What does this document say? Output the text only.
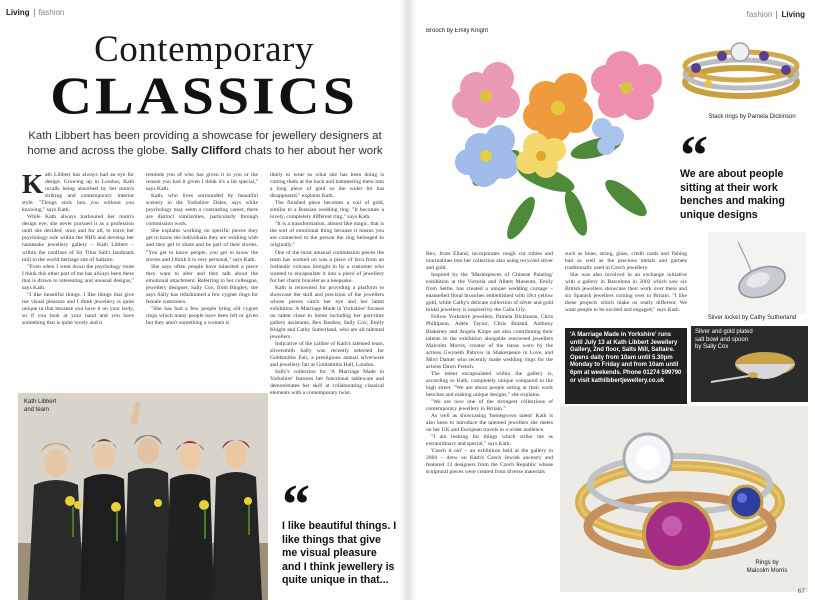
Living fashion
Contemporary
CLASSICS
Kath Libbert has been providing a showcase for jewellery designers at home and across the globe. Sally Clifford chats to her about her work
K ath Libbert has always had an eye for design. Growing up in London, Kath recalls being absorbed by her mum's striking and contemporary interior style. "Things stick into you without you knowing," says Kath.

While Kath always harboured her mum's design eye, she never pursued it as a profession until she decided, once and for all, to leave her psychology role within the NHS and develop her namesake jewellery gallery – Kath Libbert – within the confines of Sir Titus Salt's landmark mill in the world heritage site of Saltaire.

"Even when I went down the psychology route I think this other part of me has always been there that is drawn to interesting and unusual designs," says Kath.

"I like beautiful things. I like things that give me visual pleasure and I think jewellery is quite unique in that because you have it on your body, so if you look at your hand and you have something that is quite lovely and it

reminds you of who has given it to you or the reason you had it given I think it's a bit special," says Kath.

Kath, who lives surrounded by beautiful scenery in the Yorkshire Dales, says while psychology may seem a contrasting career, there are distinct similarities, particularly through commission work.

She explains working on specific pieces they get to know the individuals they are working with and they get to share and be part of their stories. "You get to know people, you get to know the stories and I think it is very personal," says Kath.

She says often people have inherited a piece they want to alter and they talk about the emotional attachment. Referring to her colleague, jewellery designer, Sally Cox, from Bingley, she says Sally has refashioned a few cygnet rings for female customers.

"She has had a few people bring old cygnet rings which many people have been left or given but they aren't something a women is

likely to wear so what she has been doing is cutting them at the back and hammering them into a long piece of gold so the wider bit has disappeared," explains Kath.

The finished piece becomes a coil of gold, similar to a Russian wedding ring. "It becomes a lovely, completely different ring," says Kath.

"It is a transformation, almost like magic, that is the sort of emotional thing because it means you are connected to the person the ring belonged to originally."

One of the most unusual commission pieces the team has worked on was a piece of lava from an Icelandic volcano brought in by a customer who wanted to encapsulate it into a piece of jewellery for her charm bracelet as a keepsake.

Kath is renowned for providing a platform to showcase the skill and precision of the jewellers whose pieces catch her eye and her latest exhibition 'A Marriage Made in Yorkshire' focuses on talent close to home including her part-time gallery assistants, Bex Basdon; Sally Cox; Emily Knight and Cathy Sutherland, who are all talented jewellers.

Indicative of the calibre of Kath's talented team, silversmith Sally was recently selected for Goldsmiths Fair, a prestigious annual silverware and jewellery fair at Goldsmiths Hall, London.

Sally's collection for 'A Marriage Made in Yorkshire' features her functional tableware and demonstrates her skill at collaborating classical elements with a contemporary twist.

Kath Libbert
and team
“
I like beautiful things. I like things that give me visual pleasure and I think jewellery is quite unique in that...
fashion Living
Brooch by Emily Knight
Stack rings by Pamela Dickinson
“
We are about people sitting at their work benches and making unique designs
Silver locket by Cathy Sutherland
'A Marriage Made in Yorkshire' runs until July 13 at Kath Libbert Jewellery Gallery, 2nd floor, Salts Mill, Saltaire. Opens daily from 10am until 5.30pm Monday to Friday and from 10am until 6pm at weekends. Phone 01274 599790 or visit kathlibbertjewellery.co.uk
Silver and gold plated salt bowl and spoon by Sally Cox

Bex, from Elland, incorporates rough cut rubies and tourmalines into her collection also using recycled silver and gold.

Inspired by the 'Masterpieces of Chinese Painting' exhibition at the Victoria and Albert Museum, Emily from Settle, has created a unique wedding corsage – enamelled floral brooches embellished with 18ct yellow gold, while Cathy's delicate collection of silver and gold bridal jewellery is inspired by the Calla Lily.

Fellow Yorkshire jewellers, Pamela Dickinson, Chris Phillipson, Adele Taylor, Chris Boland, Anthony Blakeney and Angela Knipe are also contributing their talents to the exhibition alongside renowned jewellers Malcolm Morris, creator of the tiaras worn by the actress Gwyneth Paltrow in Shakespeare in Love, and Mirri Damer who recently made wedding rings for the actress Dawn French.

The talent encapsulated within the gallery is, according to Kath, completely unique compared to the high street. "We are about people sitting at their work benches and making unique designs," she explains.

"We are now one of the strongest collections of contemporary jewellery in Britain."

As well as showcasing 'homegrown talent' Kath is also keen to introduce the talented jewellers she meets on her UK and European travels to a wider audience.

"I am looking for things which strike me as extraordinary and special," says Kath.

'Czech it out' – an exhibition held at the gallery in 2004 – drew on Kath's Czech Jewish ancestry and featured 13 designers from the Czech Republic whose sculptural pieces were created from diverse materials

such as bone, string, glass, credit cards and fishing bait as well as the precious metals and garnets traditionally used in Czech jewellery.

She was also involved in an exchange initiative with a gallery in Barcelona in 2002 which saw six British jewellers showcase their work over there and six Spanish jewellers coming over to Britain. "I like these projects which make us really different. We want people to be excited and engaged," says Kath.

Rings by
Malcolm Morris
67
